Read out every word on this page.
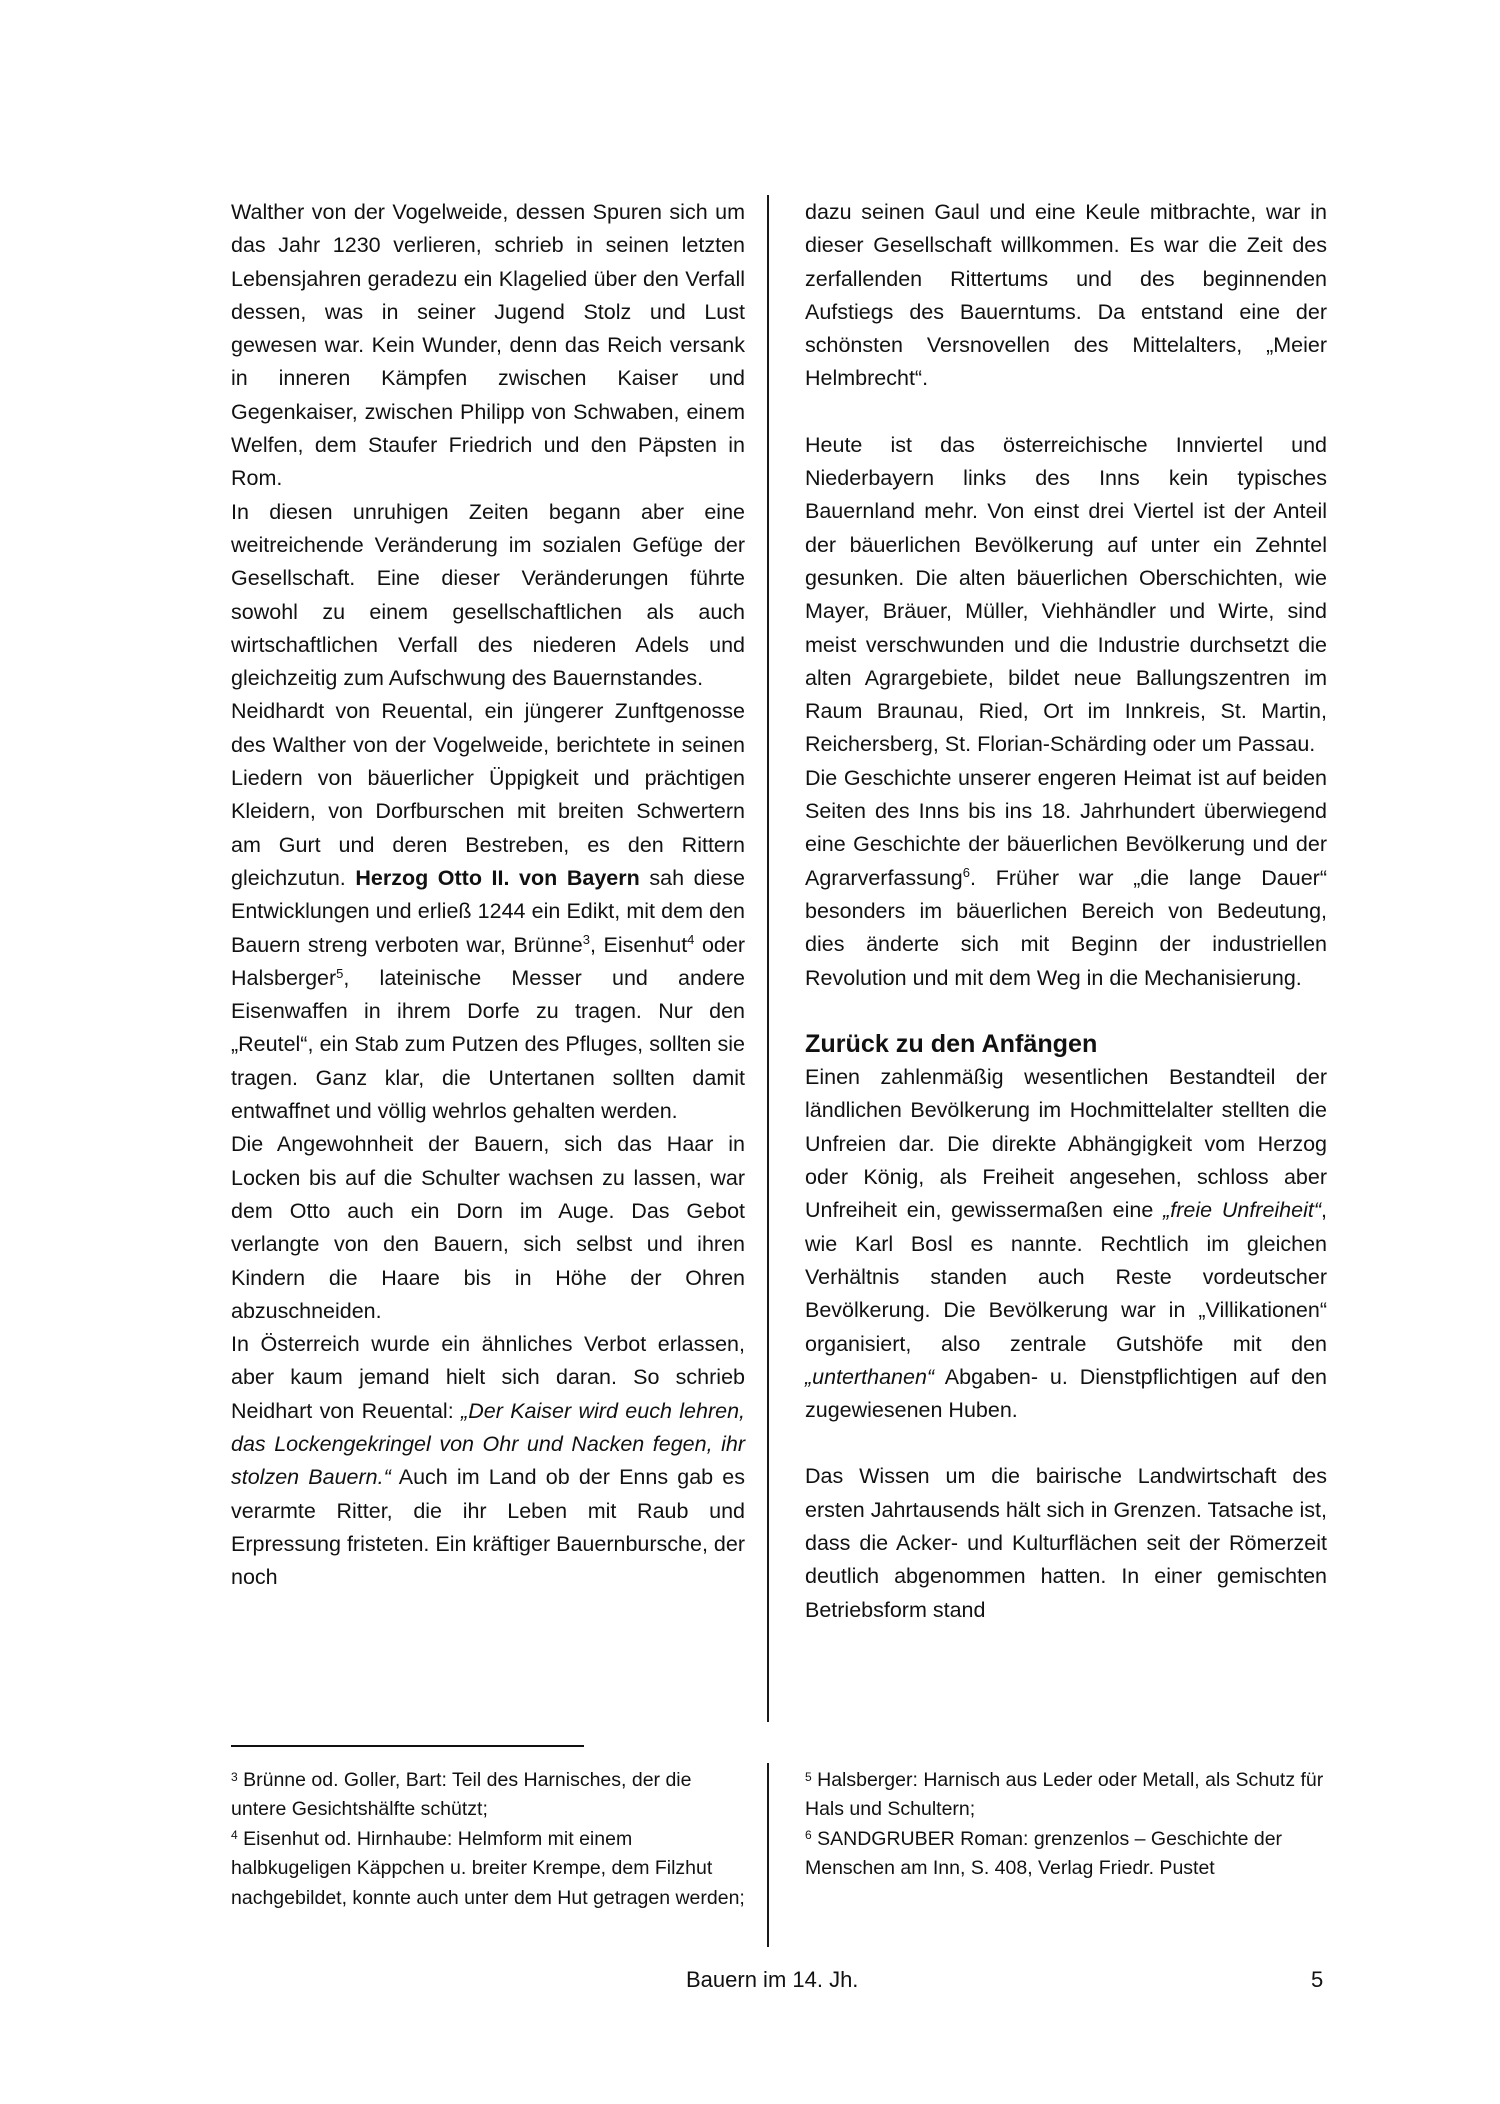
Walther von der Vogelweide, dessen Spuren sich um das Jahr 1230 verlieren, schrieb in seinen letzten Lebensjahren geradezu ein Klagelied über den Verfall dessen, was in seiner Jugend Stolz und Lust gewesen war. Kein Wunder, denn das Reich versank in inneren Kämpfen zwischen Kaiser und Gegenkaiser, zwischen Philipp von Schwaben, einem Welfen, dem Staufer Friedrich und den Päpsten in Rom.

In diesen unruhigen Zeiten begann aber eine weitreichende Veränderung im sozialen Gefüge der Gesellschaft. Eine dieser Veränderungen führte sowohl zu einem gesellschaftlichen als auch wirtschaftlichen Verfall des niederen Adels und gleichzeitig zum Aufschwung des Bauernstandes.

Neidhardt von Reuental, ein jüngerer Zunftgenosse des Walther von der Vogelweide, berichtete in seinen Liedern von bäuerlicher Üppigkeit und prächtigen Kleidern, von Dorfburschen mit breiten Schwertern am Gurt und deren Bestreben, es den Rittern gleichzutun. Herzog Otto II. von Bayern sah diese Entwicklungen und erließ 1244 ein Edikt, mit dem den Bauern streng verboten war, Brünne$^3$, Eisenhut$^4$ oder Halsberger$^5$, lateinische Messer und andere Eisenwaffen in ihrem Dorfe zu tragen. Nur den „Reutel“, ein Stab zum Putzen des Pfluges, sollten sie tragen. Ganz klar, die Untertanen sollten damit entwaffnet und völlig wehrlos gehalten werden.

Die Angewohnheit der Bauern, sich das Haar in Locken bis auf die Schulter wachsen zu lassen, war dem Otto auch ein Dorn im Auge. Das Gebot verlangte von den Bauern, sich selbst und ihren Kindern die Haare bis in Höhe der Ohren abzuschneiden.

In Österreich wurde ein ähnliches Verbot erlassen, aber kaum jemand hielt sich daran. So schrieb Neidhart von Reuental: „Der Kaiser wird euch lehren, das Lockengekringel von Ohr und Nacken fegen, ihr stolzen Bauern.“ Auch im Land ob der Enns gab es verarmte Ritter, die ihr Leben mit Raub und Erpressung fristeten. Ein kräftiger Bauernbursche, der noch

dazu seinen Gaul und eine Keule mitbrachte, war in dieser Gesellschaft willkommen. Es war die Zeit des zerfallenden Rittertums und des beginnenden Aufstiegs des Bauerntums. Da entstand eine der schönsten Versnovellen des Mittelalters, „Meier Helmbrecht“.

Heute ist das österreichische Innviertel und Niederbayern links des Inns kein typisches Bauernland mehr. Von einst drei Viertel ist der Anteil der bäuerlichen Bevölkerung auf unter ein Zehntel gesunken. Die alten bäuerlichen Oberschichten, wie Mayer, Bräuer, Müller, Viehhändler und Wirte, sind meist verschwunden und die Industrie durchsetzt die alten Agrargebiete, bildet neue Ballungszentren im Raum Braunau, Ried, Ort im Innkreis, St. Martin, Reichersberg, St. Florian-Schärding oder um Passau.

Die Geschichte unserer engeren Heimat ist auf beiden Seiten des Inns bis ins 18. Jahrhundert überwiegend eine Geschichte der bäuerlichen Bevölkerung und der Agrarverfassung$^6$. Früher war „die lange Dauer“ besonders im bäuerlichen Bereich von Bedeutung, dies änderte sich mit Beginn der industriellen Revolution und mit dem Weg in die Mechanisierung.

Zurück zu den Anfängen

Einen zahlenmäßig wesentlichen Bestandteil der ländlichen Bevölkerung im Hochmittelalter stellten die Unfreien dar. Die direkte Abhängigkeit vom Herzog oder König, als Freiheit angesehen, schloss aber Unfreiheit ein, gewissermaßen eine „freie Unfreiheit“, wie Karl Bosl es nannte. Rechtlich im gleichen Verhältnis standen auch Reste vordeutscher Bevölkerung. Die Bevölkerung war in „Villikationen“ organisiert, also zentrale Gutshöfe mit den „unterthanen“ Abgaben- u. Dienstpflichtigen auf den zugewiesenen Huben.

Das Wissen um die bairische Landwirtschaft des ersten Jahrtausends hält sich in Grenzen. Tatsache ist, dass die Acker- und Kulturflächen seit der Römerzeit deutlich abgenommen hatten. In einer gemischten Betriebsform stand

$^3$ Brünne od. Goller, Bart: Teil des Harnisches, der die untere Gesichtshälfte schützt;

$^4$ Eisenhut od. Hirnhaube: Helmform mit einem halbkugeligen Käppchen u. breiter Krempe, dem Filzhut nachgebildet, konnte auch unter dem Hut getragen werden;

$^5$ Halsberger: Harnisch aus Leder oder Metall, als Schutz für Hals und Schultern;

$^6$ SANDGRUBER Roman: grenzenlos – Geschichte der Menschen am Inn, S. 408, Verlag Friedr. Pustet

Bauern im 14. Jh.	5
